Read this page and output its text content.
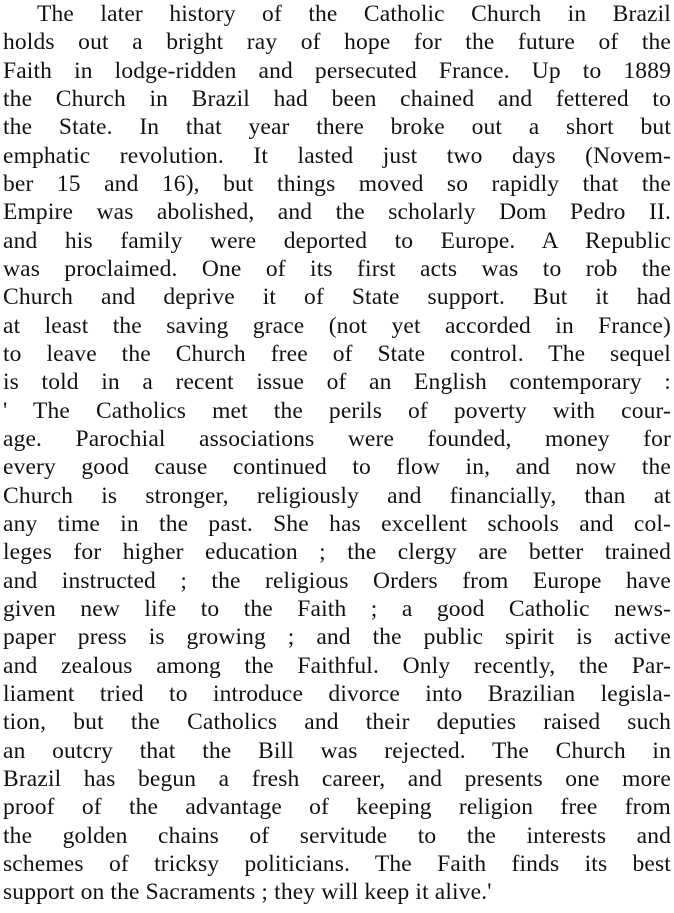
The later history of the Catholic Church in Brazil
holds out a bright ray of hope for the future of the
Faith in lodge-ridden and persecuted France. Up to 1889
the Church in Brazil had been chained and fettered to
the State. In that year there broke out a short but
emphatic revolution. It lasted just two days (Novem-
ber 15 and 16), but things moved so rapidly that the
Empire was abolished, and the scholarly Dom Pedro II.
and his family were deported to Europe. A Republic
was proclaimed. One of its first acts was to rob the
Church and deprive it of State support. But it had
at least the saving grace (not yet accorded in France)
to leave the Church free of State control. The sequel
is told in a recent issue of an English contemporary :
' The Catholics met the perils of poverty with cour-
age. Parochial associations were founded, money for
every good cause continued to flow in, and now the
Church is stronger, religiously and financially, than at
any time in the past. She has excellent schools and col-
leges for higher education ; the clergy are better trained
and instructed ; the religious Orders from Europe have
given new life to the Faith ; a good Catholic news-
paper press is growing ; and the public spirit is active
and zealous among the Faithful. Only recently, the Par-
liament tried to introduce divorce into Brazilian legisla-
tion, but the Catholics and their deputies raised such
an outcry that the Bill was rejected. The Church in
Brazil has begun a fresh career, and presents one more
proof of the advantage of keeping religion free from
the golden chains of servitude to the interests and
schemes of tricksy politicians. The Faith finds its best
support on the Sacraments ; they will keep it alive.'
